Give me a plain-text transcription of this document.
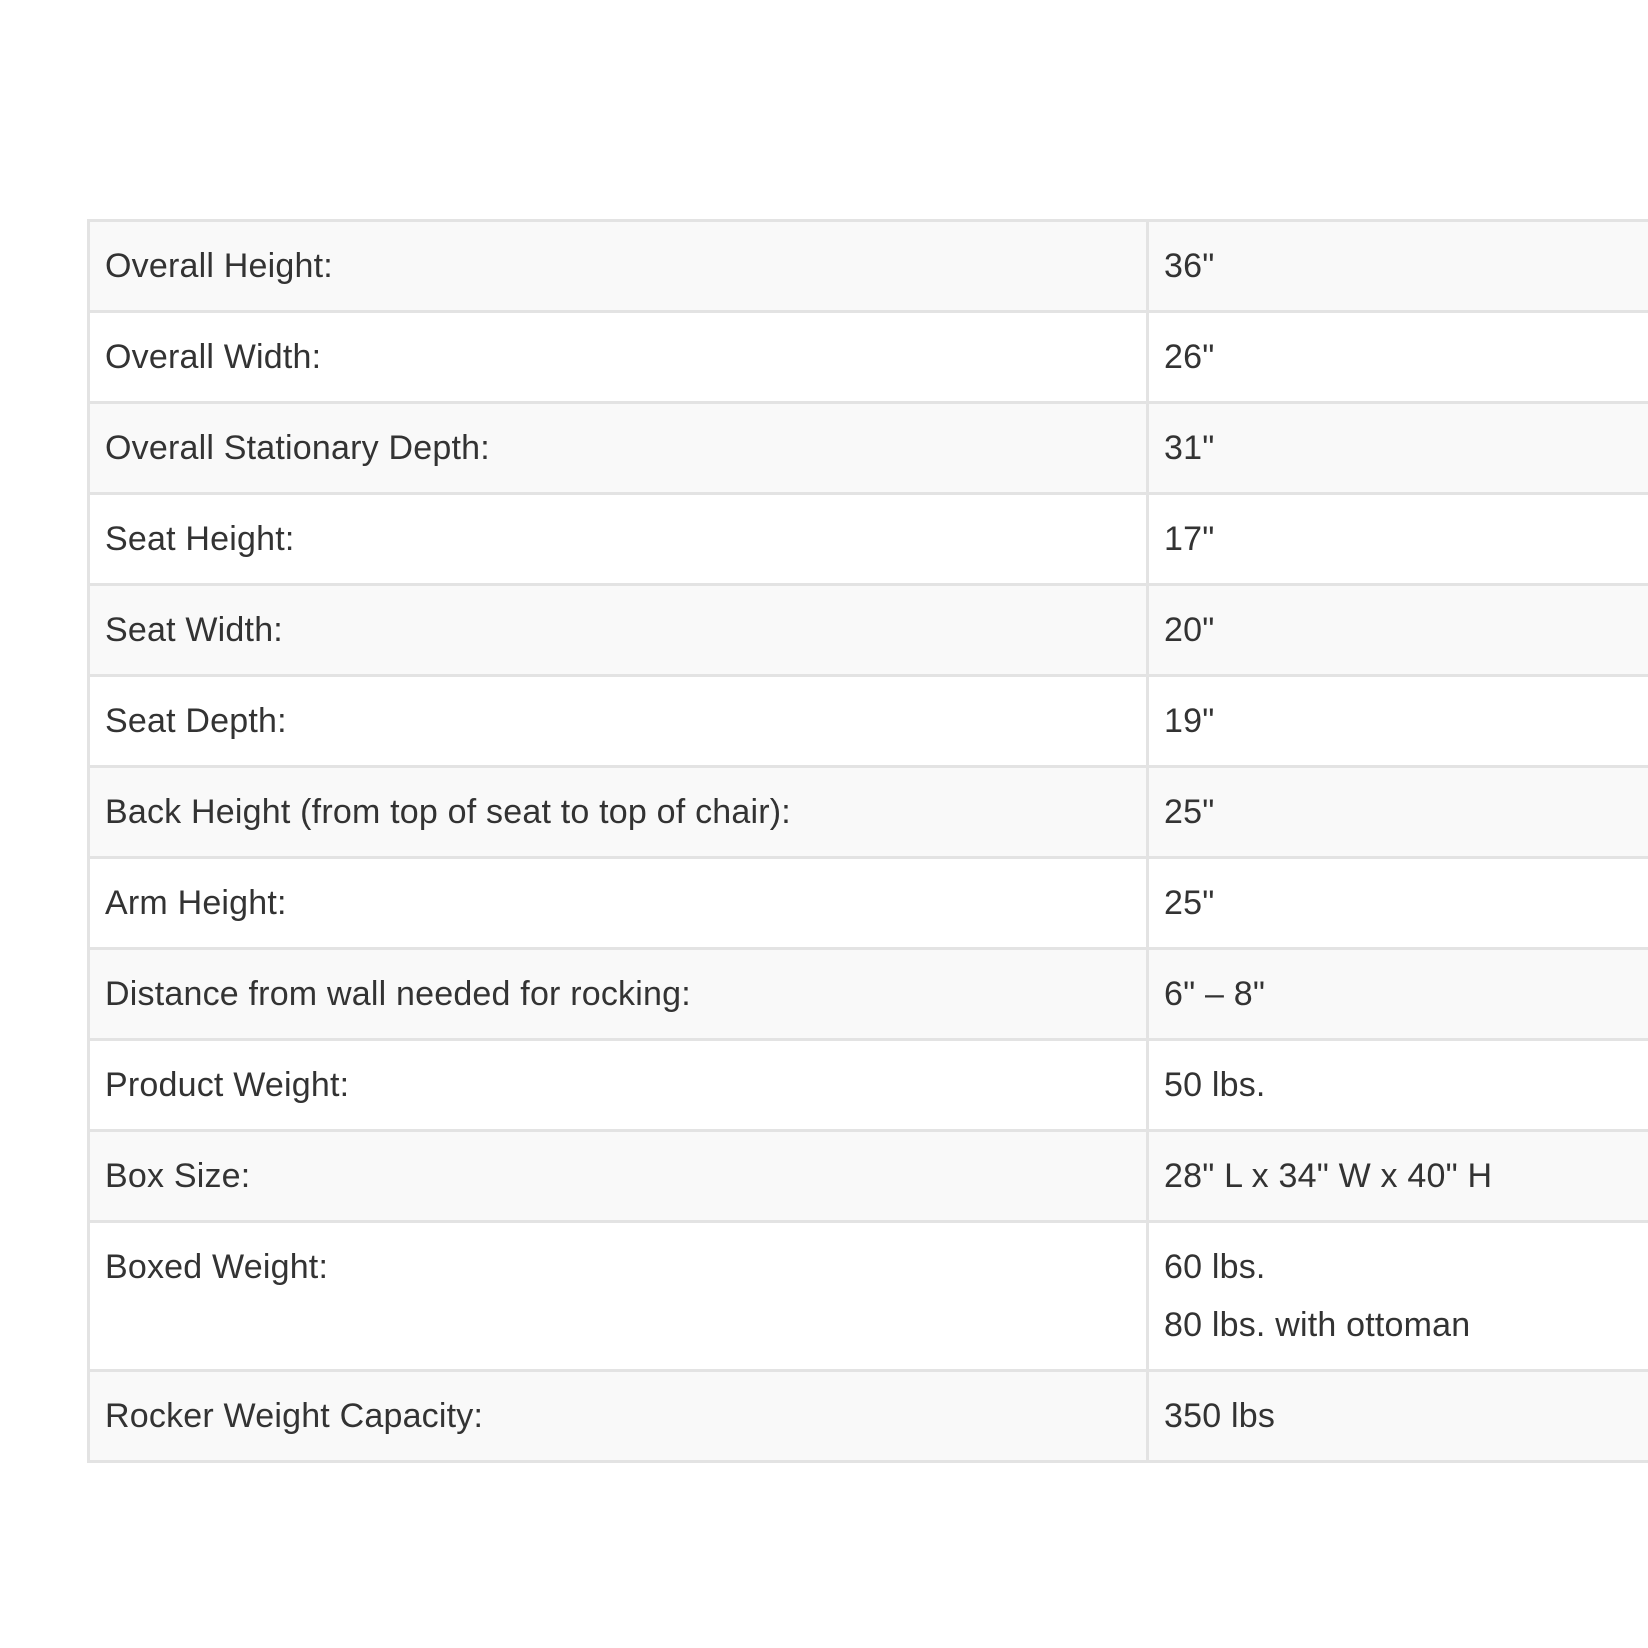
Overall Height:	36"

Overall Width:	26"

Overall Stationary Depth:	31"

Seat Height:	17"

Seat Width:	20"

Seat Depth:	19"

Back Height (from top of seat to top of chair):	25"

Arm Height:	25"

Distance from wall needed for rocking:	6" – 8"

Product Weight:	50 lbs.

Box Size:	28" L x 34" W x 40" H

Boxed Weight:	60 lbs.
80 lbs. with ottoman

Rocker Weight Capacity:	350 lbs
